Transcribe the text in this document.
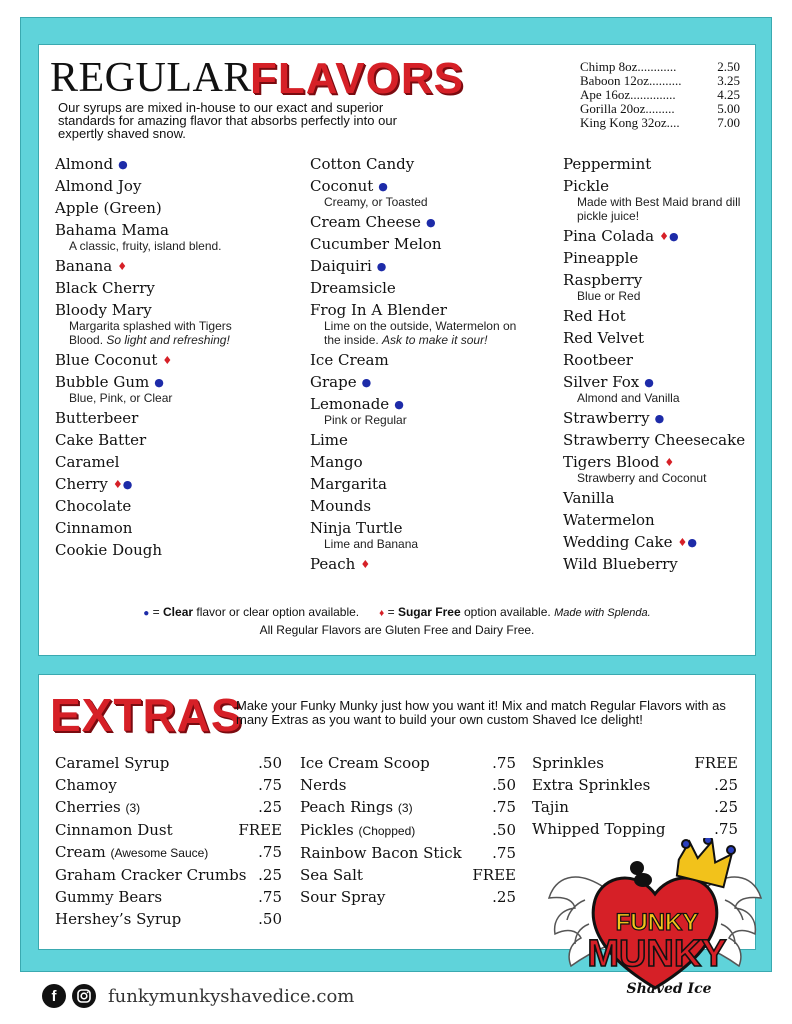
REGULAR
FLAVORS
Our syrups are mixed in-house to our exact and superior standards for amazing flavor that absorbs perfectly into our expertly shaved snow.
Chimp 8oz............	2.50
Baboon 12oz..........	3.25
Ape 16oz..............	4.25
Gorilla 20oz.........	5.00
King Kong 32oz....	7.00
Almond ●
Almond Joy
Apple (Green)
Bahama Mama
A classic, fruity, island blend.
Banana ♦
Black Cherry
Bloody Mary
Margarita splashed with Tigers Blood. So light and refreshing!
Blue Coconut ♦
Bubble Gum ●
Blue, Pink, or Clear
Butterbeer
Cake Batter
Caramel
Cherry ♦●
Chocolate
Cinnamon
Cookie Dough
Cotton Candy
Coconut ●
Creamy, or Toasted
Cream Cheese ●
Cucumber Melon
Daiquiri ●
Dreamsicle
Frog In A Blender
Lime on the outside, Watermelon on the inside. Ask to make it sour!
Ice Cream
Grape ●
Lemonade ●
Pink or Regular
Lime
Mango
Margarita
Mounds
Ninja Turtle
Lime and Banana
Peach ♦
Peppermint
Pickle
Made with Best Maid brand dill pickle juice!
Pina Colada ♦●
Pineapple
Raspberry
Blue or Red
Red Hot
Red Velvet
Rootbeer
Silver Fox ●
Almond and Vanilla
Strawberry ●
Strawberry Cheesecake
Tigers Blood ♦
Strawberry and Coconut
Vanilla
Watermelon
Wedding Cake ♦●
Wild Blueberry
● = Clear flavor or clear option available. ♦ = Sugar Free option available. Made with Splenda.
All Regular Flavors are Gluten Free and Dairy Free.
EXTRAS
Make your Funky Munky just how you want it! Mix and match Regular Flavors with as many Extras as you want to build your own custom Shaved Ice delight!
Caramel Syrup	.50
Chamoy	.75
Cherries (3)	.25
Cinnamon Dust	FREE
Cream (Awesome Sauce)	.75
Graham Cracker Crumbs .25
Gummy Bears	.75
Hershey’s Syrup	.50
Ice Cream Scoop	.75
Nerds	.50
Peach Rings (3)	.75
Pickles (Chopped)	.50
Rainbow Bacon Stick .75
Sea Salt	FREE
Sour Spray	.25
Sprinkles	FREE
Extra Sprinkles	.25
Tajin	.25
Whipped Topping	.75
FUNKY
MUNKY
Shaved Ice
f	funkymunkyshavedice.com
